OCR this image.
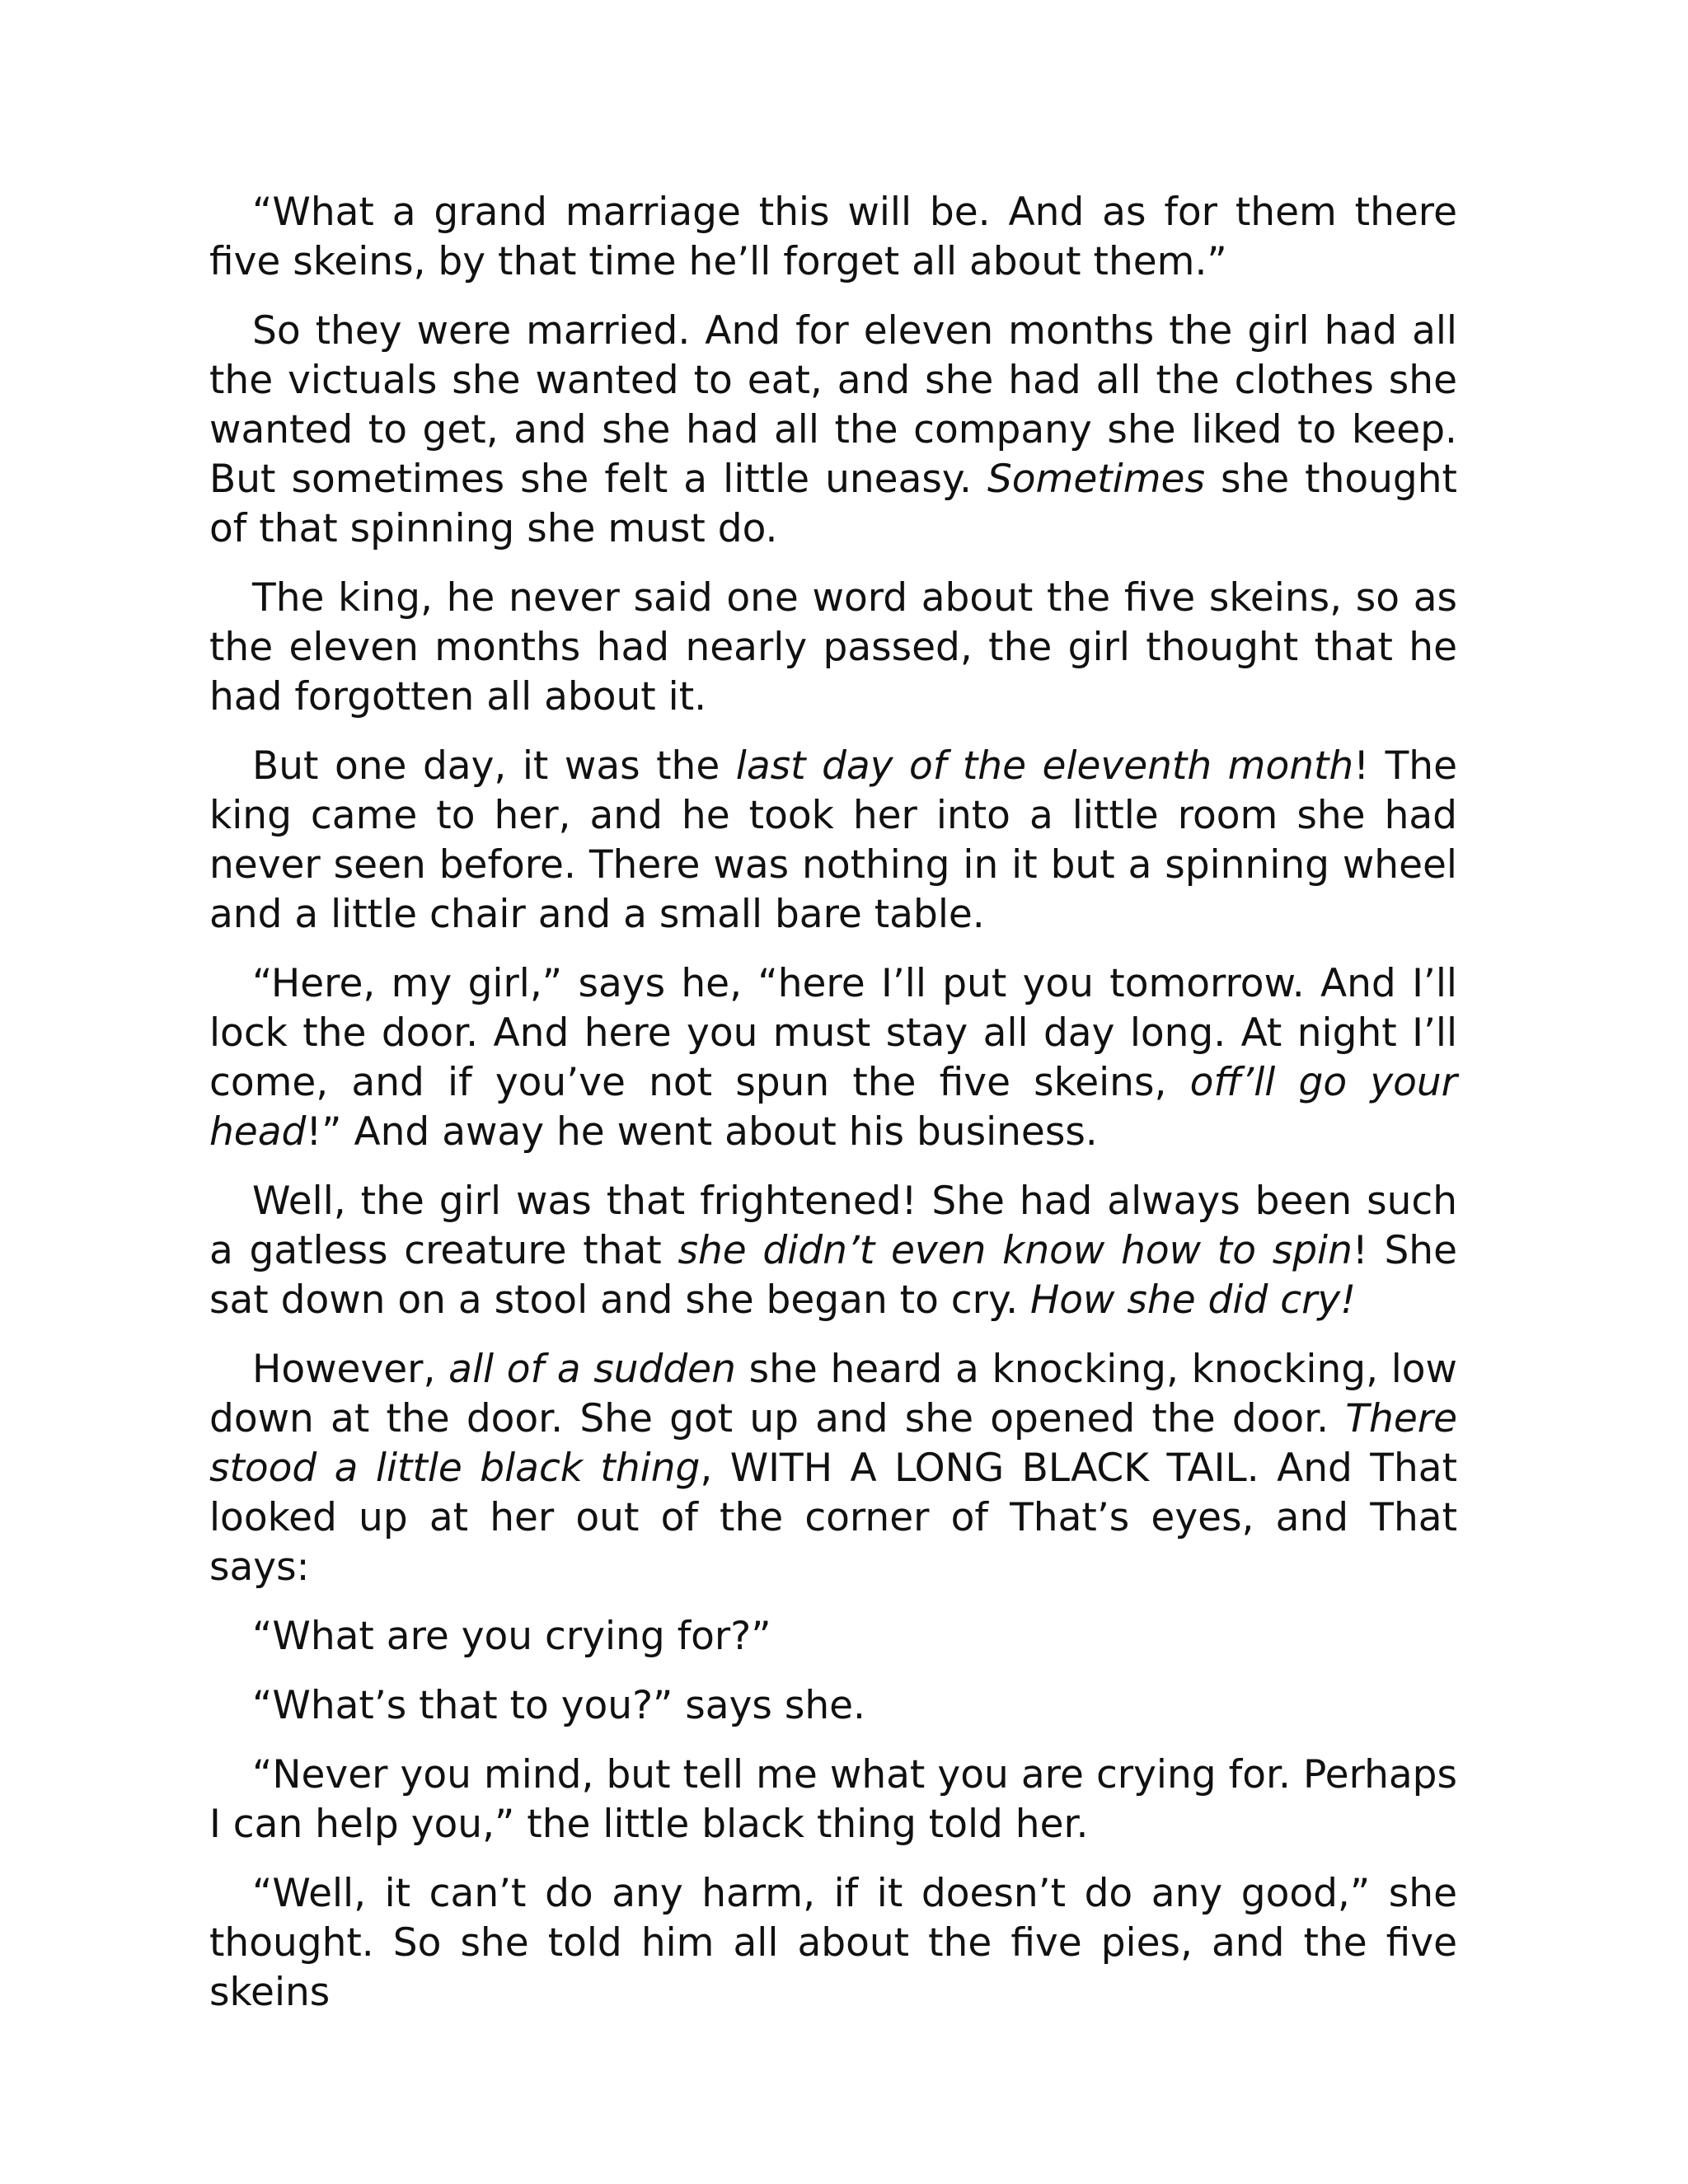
“What a grand marriage this will be. And as for them there five skeins, by that time he’ll forget all about them.”

So they were married. And for eleven months the girl had all the victuals she wanted to eat, and she had all the clothes she wanted to get, and she had all the company she liked to keep. But sometimes she felt a little uneasy. Sometimes she thought of that spinning she must do.

The king, he never said one word about the five skeins, so as the eleven months had nearly passed, the girl thought that he had forgotten all about it.

But one day, it was the last day of the eleventh month! The king came to her, and he took her into a little room she had never seen before. There was nothing in it but a spinning wheel and a little chair and a small bare table.

“Here, my girl,” says he, “here I’ll put you tomorrow. And I’ll lock the door. And here you must stay all day long. At night I’ll come, and if you’ve not spun the five skeins, off’ll go your head!” And away he went about his business.

Well, the girl was that frightened! She had always been such a gatless creature that she didn’t even know how to spin! She sat down on a stool and she began to cry. How she did cry!

However, all of a sudden she heard a knocking, knocking, low down at the door. She got up and she opened the door. There stood a little black thing, WITH A LONG BLACK TAIL. And That looked up at her out of the corner of That’s eyes, and That says:

“What are you crying for?”

“What’s that to you?” says she.

“Never you mind, but tell me what you are crying for. Perhaps I can help you,” the little black thing told her.

“Well, it can’t do any harm, if it doesn’t do any good,” she thought. So she told him all about the five pies, and the five skeins
